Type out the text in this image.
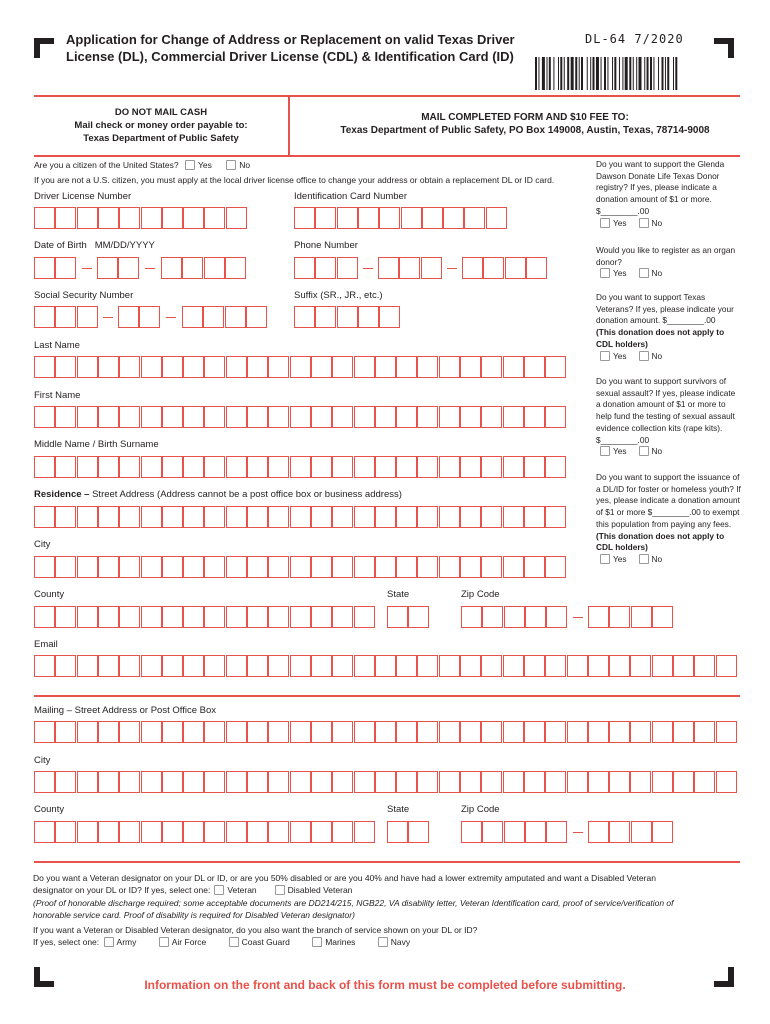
Application for Change of Address or Replacement on valid Texas Driver
License (DL), Commercial Driver License (CDL) & Identification Card (ID)
DL-64 7/2020
DO NOT MAIL CASH
Mail check or money order payable to:
Texas Department of Public Safety
MAIL COMPLETED FORM AND $10 FEE TO:
Texas Department of Public Safety, PO Box 149008, Austin, Texas, 78714-9008
Are you a citizen of the United States? Yes	No
If you are not a U.S. citizen, you must apply at the local driver license office to change your address or obtain a replacement DL or ID card.
Driver License Number	Identification Card Number
Date of Birth   MM/DD/YYYY	Phone Number
Social Security Number	Suffix (SR., JR., etc.)
Last Name
First Name
Middle Name / Birth Surname
Residence – Street Address (Address cannot be a post office box or business address)
City
County	State	Zip Code
Email
Mailing – Street Address or Post Office Box
City
County	State	Zip Code
Do you want to support the Glenda Dawson Donate Life Texas Donor registry? If yes, please indicate a donation amount of $1 or more. $________.00
Yes	No
Would you like to register as an organ donor?
Yes	No
Do you want to support Texas Veterans? If yes, please indicate your donation amount. $________.00
(This donation does not apply to CDL holders)
Yes	No
Do you want to support survivors of sexual assault? If yes, please indicate a donation amount of $1 or more to help fund the testing of sexual assault evidence collection kits (rape kits). $________.00
Yes	No
Do you want to support the issuance of a DL/ID for foster or homeless youth? If yes, please indicate a donation amount of $1 or more $________.00 to exempt this population from paying any fees.
(This donation does not apply to CDL holders)
Yes	No
Do you want a Veteran designator on your DL or ID, or are you 50% disabled or are you 40% and have had a lower extremity amputated and want a Disabled Veteran
designator on your DL or ID? If yes, select one: Veteran	Disabled Veteran
(Proof of honorable discharge required; some acceptable documents are DD214/215, NGB22, VA disability letter, Veteran Identification card, proof of service/verification of
honorable service card. Proof of disability is required for Disabled Veteran designator)
If you want a Veteran or Disabled Veteran designator, do you also want the branch of service shown on your DL or ID?
If yes, select one: Army	Air Force	Coast Guard	Marines	Navy
Information on the front and back of this form must be completed before submitting.
